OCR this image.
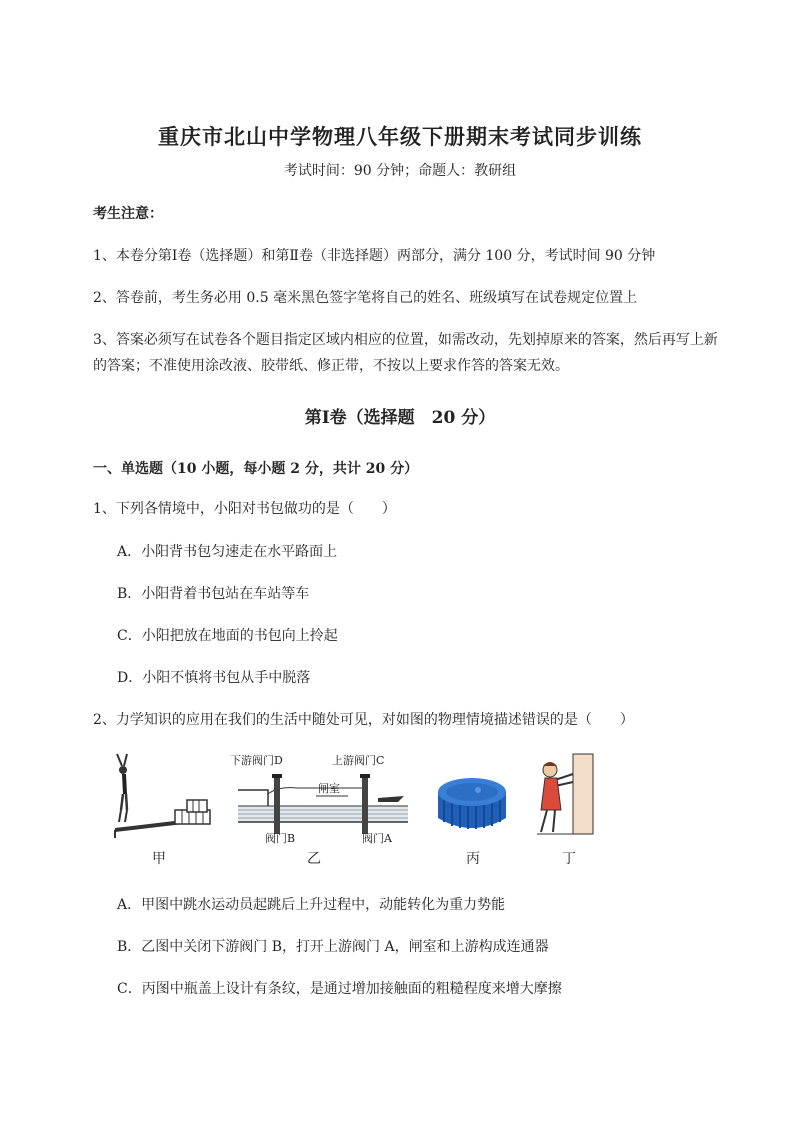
重庆市北山中学物理八年级下册期末考试同步训练
考试时间：90 分钟；命题人：教研组
考生注意：
1、本卷分第Ⅰ卷（选择题）和第Ⅱ卷（非选择题）两部分，满分 100 分，考试时间 90 分钟
2、答卷前，考生务必用 0.5 毫米黑色签字笔将自己的姓名、班级填写在试卷规定位置上
3、答案必须写在试卷各个题目指定区域内相应的位置，如需改动，先划掉原来的答案，然后再写上新
的答案；不准使用涂改液、胶带纸、修正带，不按以上要求作答的答案无效。
第Ⅰ卷（选择题　20 分）
一、单选题（10 小题，每小题 2 分，共计 20 分）
1、下列各情境中，小阳对书包做功的是（　　）
A．小阳背书包匀速走在水平路面上
B．小阳背着书包站在车站等车
C．小阳把放在地面的书包向上拎起
D．小阳不慎将书包从手中脱落
2、力学知识的应用在我们的生活中随处可见，对如图的物理情境描述错误的是（　　）
甲
下游阀门D	上游阀门C
闸室
阀门B	阀门A
乙	丙	丁
A．甲图中跳水运动员起跳后上升过程中，动能转化为重力势能
B．乙图中关闭下游阀门 B，打开上游阀门 A，闸室和上游构成连通器
C．丙图中瓶盖上设计有条纹，是通过增加接触面的粗糙程度来增大摩擦
